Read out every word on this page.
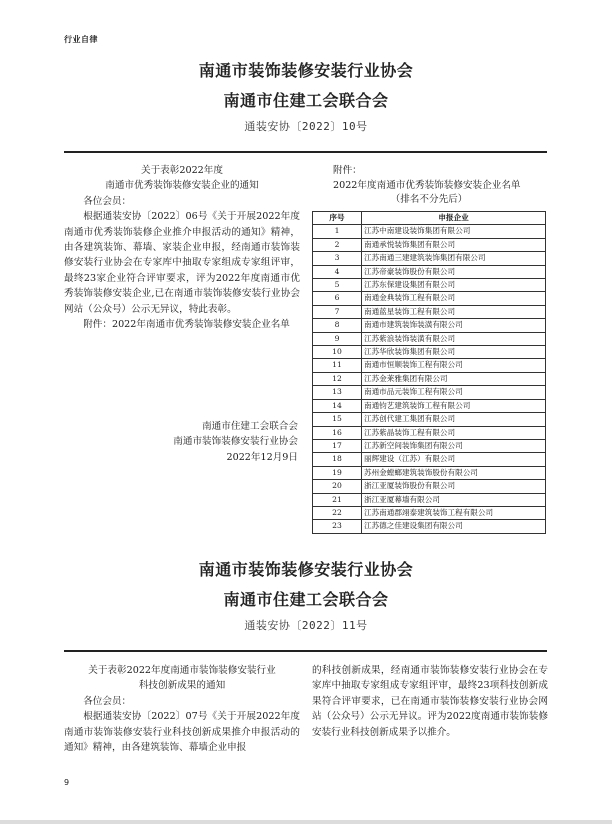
行业自律
南通市装饰装修安装行业协会
南通市住建工会联合会
通装安协〔2022〕10号

关于表彰2022年度

南通市优秀装饰装修安装企业的通知

各位会员：

根据通装安协〔2022〕06号《关于开展2022年度南通市优秀装饰装修企业推介申报活动的通知》精神，由各建筑装饰、幕墙、家装企业申报，经南通市装饰装修安装行业协会在专家库中抽取专家组成专家组评审，最终23家企业符合评审要求，评为2022年度南通市优秀装饰装修安装企业,已在南通市装饰装修安装行业协会网站（公众号）公示无异议，特此表彰。

附件：2022年南通市优秀装饰装修安装企业名单

南通市住建工会联合会

南通市装饰装修安装行业协会

2022年12月9日

附件：
2022年度南通市优秀装饰装修安装企业名单
（排名不分先后）
序号	申报企业
1	江苏中南建设装饰集团有限公司
2	南通承悦装饰集团有限公司
3	江苏南通三建建筑装饰集团有限公司
4	江苏帝豪装饰股份有限公司
5	江苏东保建设集团有限公司
6	南通金典装饰工程有限公司
7	南通蓝星装饰工程有限公司
8	南通市建筑装饰装潢有限公司
9	江苏紫浪装饰装潢有限公司
10	江苏华欣装饰集团有限公司
11	南通市恒顺装饰工程有限公司
12	江苏金莱雅集团有限公司
13	南通市品元装饰工程有限公司
14	南通钧艺建筑装饰工程有限公司
15	江苏创代建工集团有限公司
16	江苏紫晶装饰工程有限公司
17	江苏新空间装饰集团有限公司
18	丽辉建设（江苏）有限公司
19	苏州金螳螂建筑装饰股份有限公司
20	浙江亚厦装饰股份有限公司
21	浙江亚厦幕墙有限公司
22	江苏南通郡翊泰建筑装饰工程有限公司
23	江苏德之佳建设集团有限公司
南通市装饰装修安装行业协会
南通市住建工会联合会
通装安协〔2022〕11号

关于表彰2022年度南通市装饰装修安装行业

科技创新成果的通知

各位会员：

根据通装安协〔2022〕07号《关于开展2022年度南通市装饰装修安装行业科技创新成果推介申报活动的通知》精神，由各建筑装饰、幕墙企业申报

的科技创新成果，经南通市装饰装修安装行业协会在专家库中抽取专家组成专家组评审，最终23项科技创新成果符合评审要求，已在南通市装饰装修安装行业协会网站（公众号）公示无异议。评为2022度南通市装饰装修安装行业科技创新成果予以推介。
9
